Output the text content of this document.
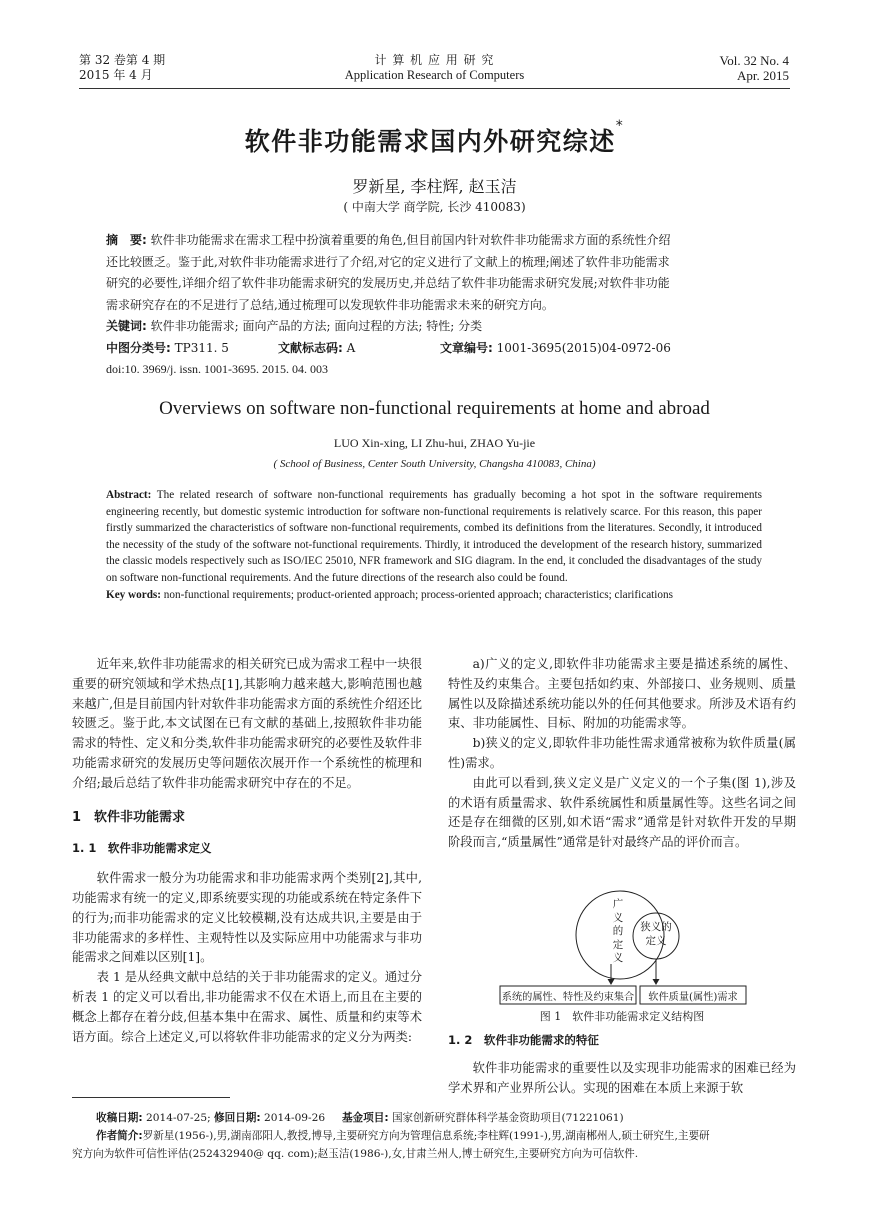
第 32 卷第 4 期
2015 年 4 月
计 算 机 应 用 研 究
Application Research of Computers
Vol. 32 No. 4
Apr. 2015
软件非功能需求国内外研究综述*
罗新星, 李柱辉, 赵玉洁
( 中南大学 商学院, 长沙 410083)
摘　要: 软件非功能需求在需求工程中扮演着重要的角色,但目前国内针对软件非功能需求方面的系统性介绍
还比较匮乏。鉴于此,对软件非功能需求进行了介绍,对它的定义进行了文献上的梳理;阐述了软件非功能需求
研究的必要性,详细介绍了软件非功能需求研究的发展历史,并总结了软件非功能需求研究发展;对软件非功能
需求研究存在的不足进行了总结,通过梳理可以发现软件非功能需求未来的研究方向。
关键词: 软件非功能需求; 面向产品的方法; 面向过程的方法; 特性; 分类
中图分类号: TP311. 5	文献标志码: A	文章编号: 1001-3695(2015)04-0972-06
doi:10. 3969/j. issn. 1001-3695. 2015. 04. 003
Overviews on software non-functional requirements at home and abroad
LUO Xin-xing, LI Zhu-hui, ZHAO Yu-jie
( School of Business, Center South University, Changsha 410083, China)
Abstract: The related research of software non-functional requirements has gradually becoming a hot spot in the software requirements engineering recently, but domestic systemic introduction for software non-functional requirements is relatively scarce. For this reason, this paper firstly summarized the characteristics of software non-functional requirements, combed its definitions from the literatures. Secondly, it introduced the necessity of the study of the software not-functional requirements. Thirdly, it introduced the development of the research history, summarized the classic models respectively such as ISO/IEC 25010, NFR framework and SIG diagram. In the end, it concluded the disadvantages of the study on software non-functional requirements. And the future directions of the research also could be found.
Key words: non-functional requirements; product-oriented approach; process-oriented approach; characteristics; clarifications

近年来,软件非功能需求的相关研究已成为需求工程中一块很重要的研究领域和学术热点[1],其影响力越来越大,影响范围也越来越广,但是目前国内针对软件非功能需求方面的系统性介绍还比较匮乏。鉴于此,本文试图在已有文献的基础上,按照软件非功能需求的特性、定义和分类,软件非功能需求研究的必要性及软件非功能需求研究的发展历史等问题依次展开作一个系统性的梳理和介绍;最后总结了软件非功能需求研究中存在的不足。

1　软件非功能需求
1. 1　软件非功能需求定义

软件需求一般分为功能需求和非功能需求两个类别[2],其中,功能需求有统一的定义,即系统要实现的功能或系统在特定条件下的行为;而非功能需求的定义比较模糊,没有达成共识,主要是由于非功能需求的多样性、主观特性以及实际应用中功能需求与非功能需求之间难以区别[1]。

表 1 是从经典文献中总结的关于非功能需求的定义。通过分析表 1 的定义可以看出,非功能需求不仅在术语上,而且在主要的概念上都存在着分歧,但基本集中在需求、属性、质量和约束等术语方面。综合上述定义,可以将软件非功能需求的定义分为两类:

a)广义的定义,即软件非功能需求主要是描述系统的属性、特性及约束集合。主要包括如约束、外部接口、业务规则、质量属性以及除描述系统功能以外的任何其他要求。所涉及术语有约束、非功能属性、目标、附加的功能需求等。

b)狭义的定义,即软件非功能性需求通常被称为软件质量(属性)需求。

由此可以看到,狭义定义是广义定义的一个子集(图 1),涉及的术语有质量需求、软件系统属性和质量属性等。这些名词之间还是存在细微的区别,如术语“需求”通常是针对软件开发的早期阶段而言,“质量属性”通常是针对最终产品的评价而言。

广义的定义
狭义的
定义
系统的属性、特性及约束集合	软件质量(属性)需求
图 1　软件非功能需求定义结构图
1. 2　软件非功能需求的特征

软件非功能需求的重要性以及实现非功能需求的困难已经为学术界和产业界所公认。实现的困难在本质上来源于软

收稿日期: 2014-07-25; 修回日期: 2014-09-26 基金项目: 国家创新研究群体科学基金资助项目(71221061)
作者简介:罗新星(1956-),男,湖南邵阳人,教授,博导,主要研究方向为管理信息系统;李柱辉(1991-),男,湖南郴州人,硕士研究生,主要研
究方向为软件可信性评估(252432940@ qq. com);赵玉洁(1986-),女,甘肃兰州人,博士研究生,主要研究方向为可信软件.
